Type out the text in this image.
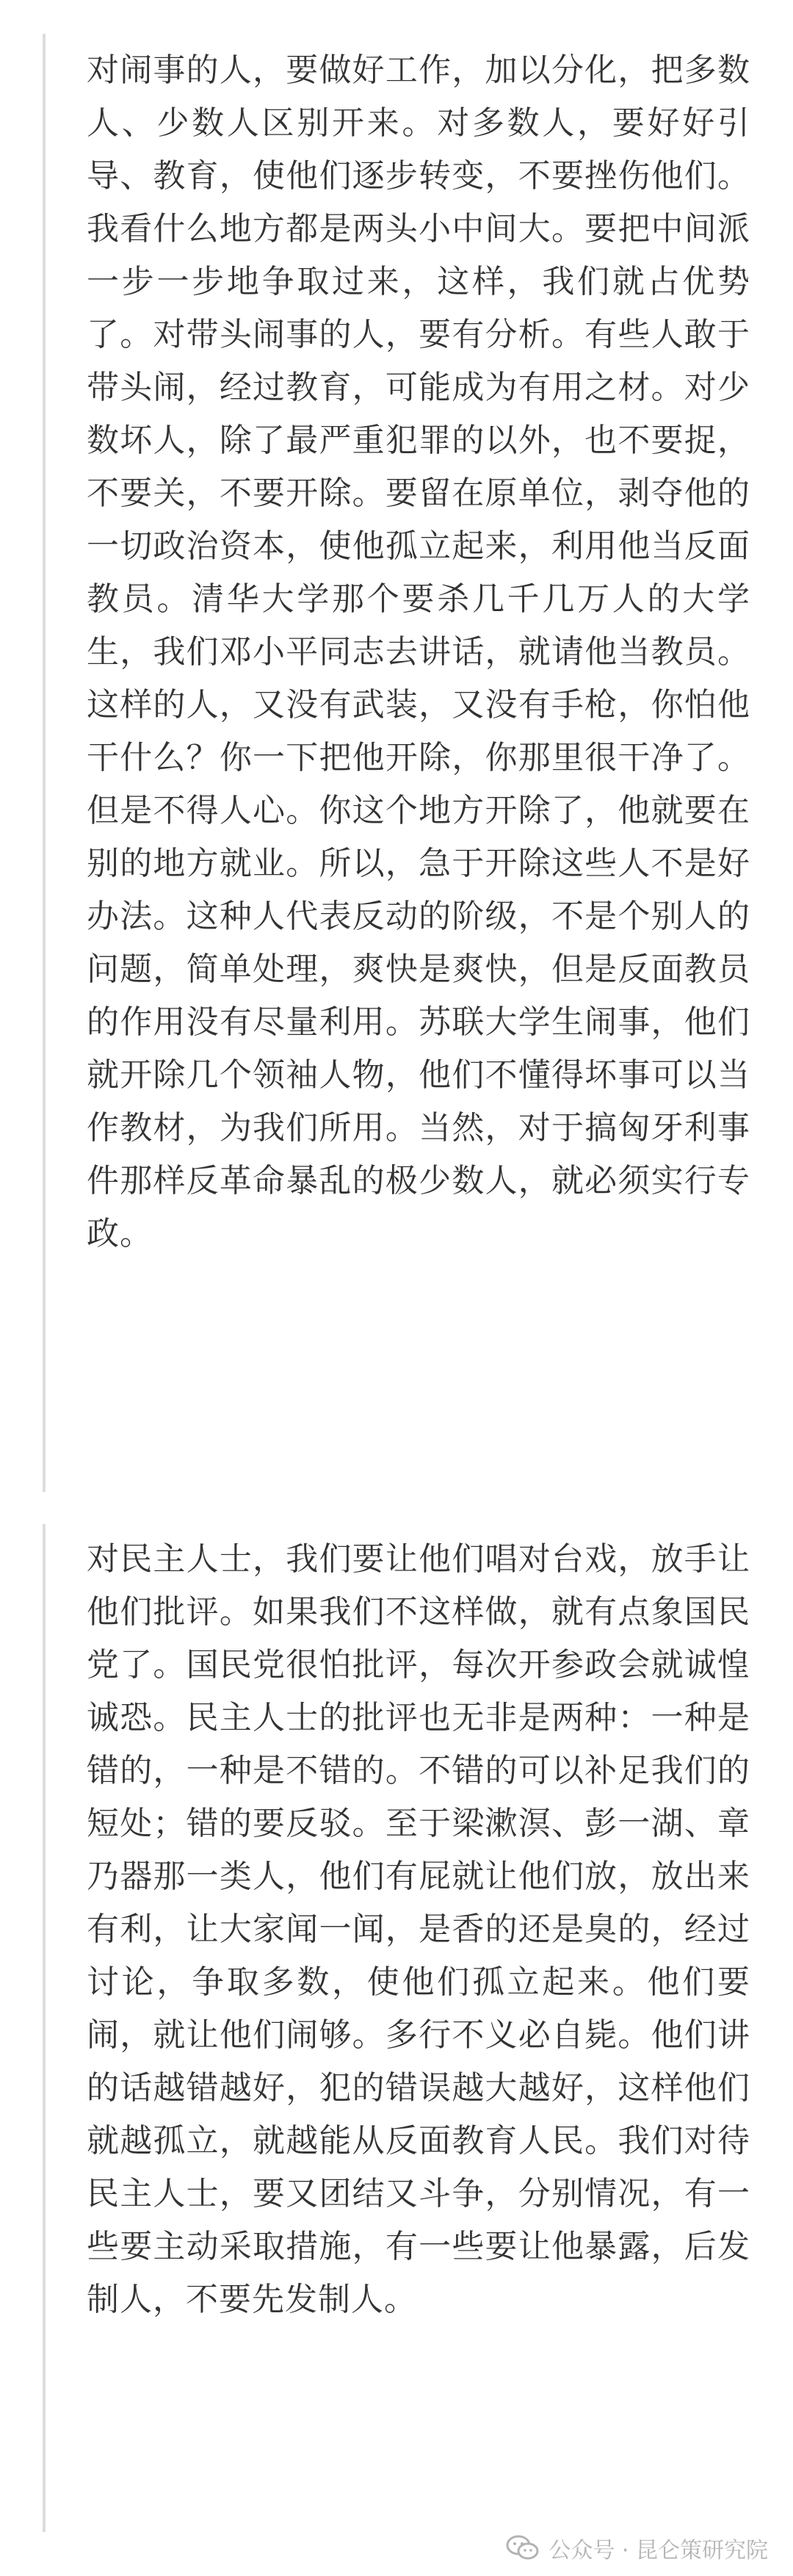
对闹事的人，要做好工作，加以分化，把多数人、少数人区别开来。对多数人，要好好引导、教育，使他们逐步转变，不要挫伤他们。我看什么地方都是两头小中间大。要把中间派一步一步地争取过来，这样，我们就占优势了。对带头闹事的人，要有分析。有些人敢于带头闹，经过教育，可能成为有用之材。对少数坏人，除了最严重犯罪的以外，也不要捉，不要关，不要开除。要留在原单位，剥夺他的一切政治资本，使他孤立起来，利用他当反面教员。清华大学那个要杀几千几万人的大学生，我们邓小平同志去讲话，就请他当教员。这样的人，又没有武装，又没有手枪，你怕他干什么？你一下把他开除，你那里很干净了。但是不得人心。你这个地方开除了，他就要在别的地方就业。所以，急于开除这些人不是好办法。这种人代表反动的阶级，不是个别人的问题，简单处理，爽快是爽快，但是反面教员的作用没有尽量利用。苏联大学生闹事，他们就开除几个领袖人物，他们不懂得坏事可以当作教材，为我们所用。当然，对于搞匈牙利事件那样反革命暴乱的极少数人，就必须实行专政。

对民主人士，我们要让他们唱对台戏，放手让他们批评。如果我们不这样做，就有点象国民党了。国民党很怕批评，每次开参政会就诚惶诚恐。民主人士的批评也无非是两种：一种是错的，一种是不错的。不错的可以补足我们的短处；错的要反驳。至于梁漱溟、彭一湖、章乃器那一类人，他们有屁就让他们放，放出来有利，让大家闻一闻，是香的还是臭的，经过讨论，争取多数，使他们孤立起来。他们要闹，就让他们闹够。多行不义必自毙。他们讲的话越错越好，犯的错误越大越好，这样他们就越孤立，就越能从反面教育人民。我们对待民主人士，要又团结又斗争，分别情况，有一些要主动采取措施，有一些要让他暴露，后发制人，不要先发制人。

公众号 · 昆仑策研究院
